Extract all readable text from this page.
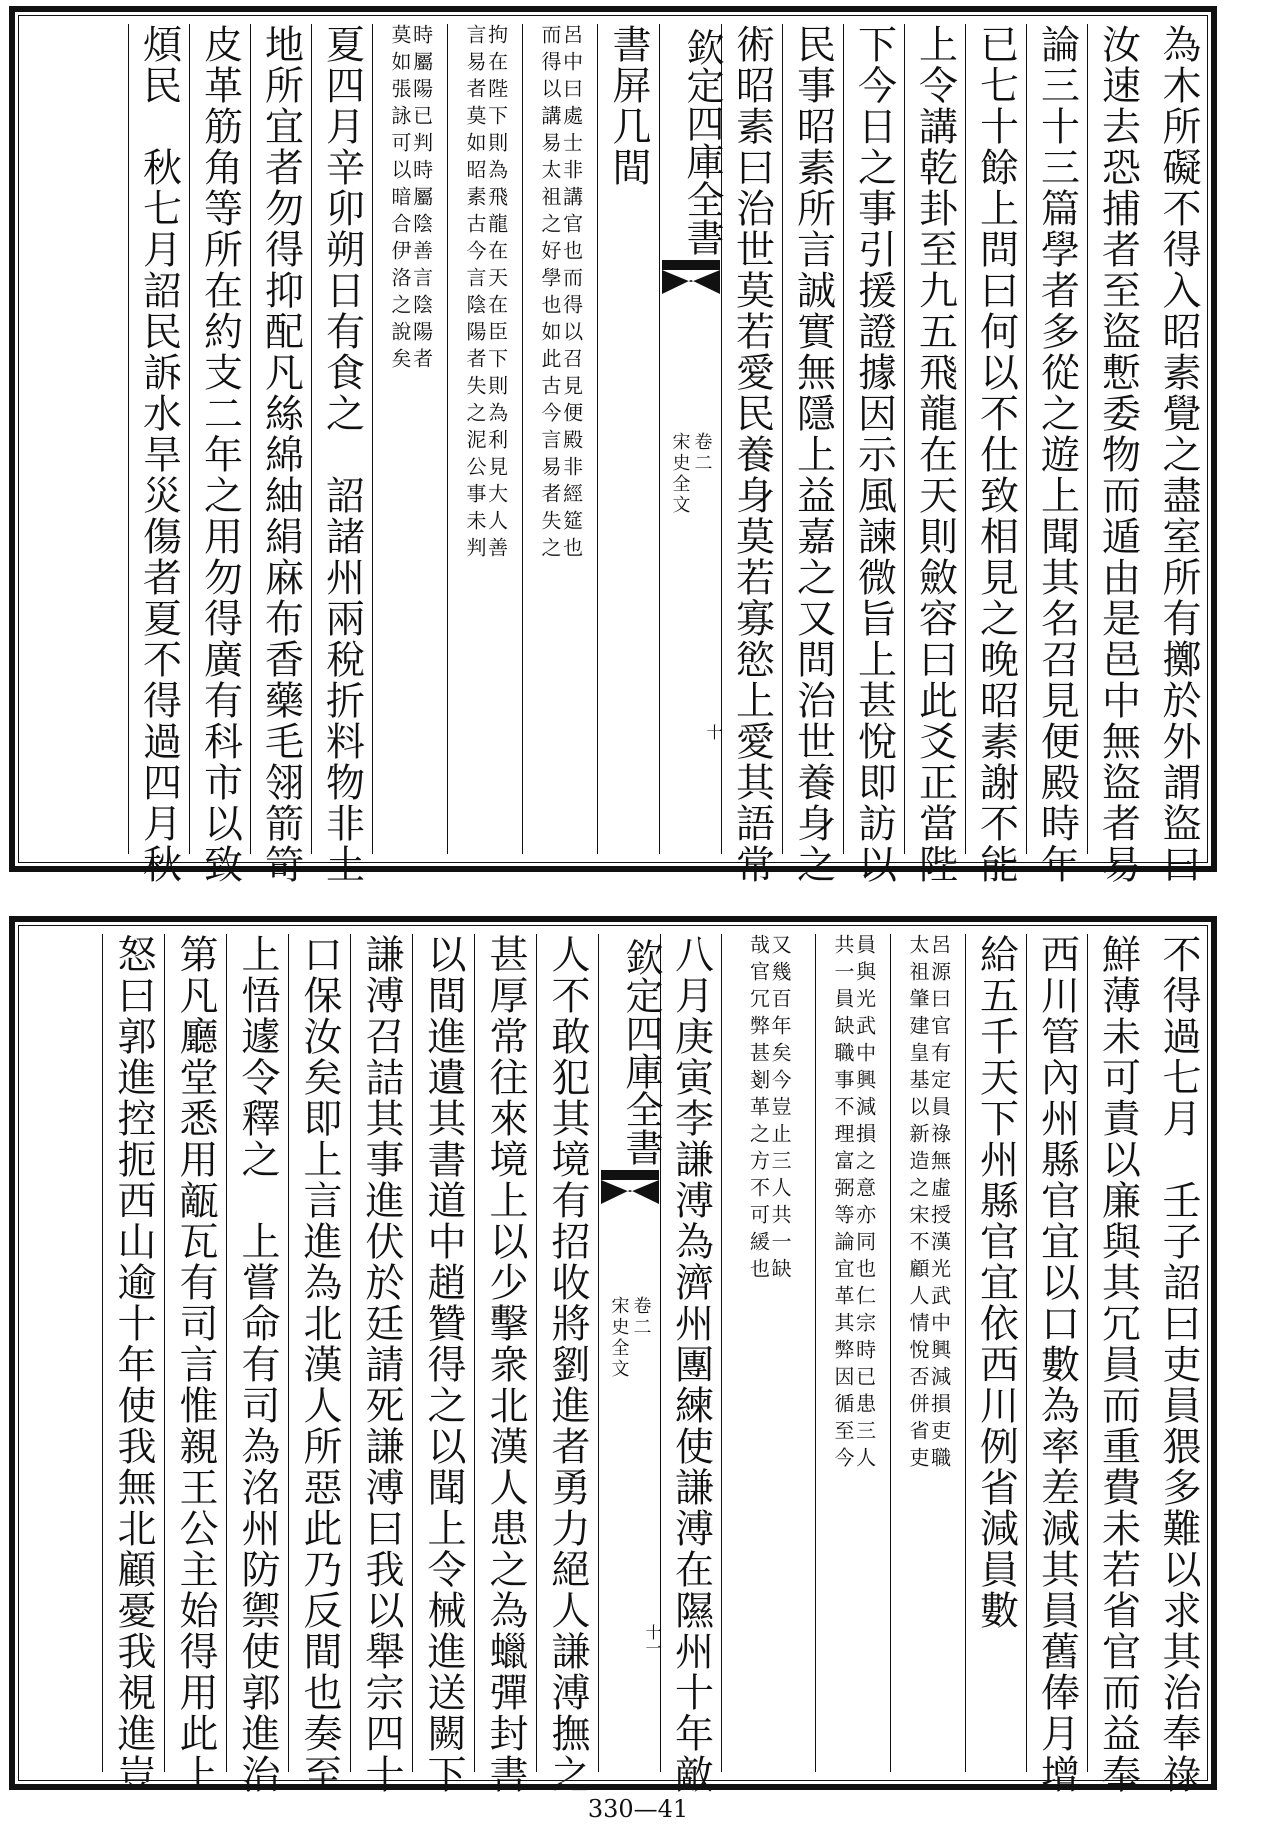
為木所礙不得入昭素覺之盡室所有擲於外謂盜曰
汝速去恐捕者至盜慙委物而遁由是邑中無盜者易
論三十三篇學者多從之遊上聞其名召見便殿時年
已七十餘上問曰何以不仕致相見之晚昭素謝不能
上令講乾卦至九五飛龍在天則斂容曰此爻正當陛
下今日之事引援證據因示風諫微旨上甚悅即訪以
民事昭素所言誠實無隱上益嘉之又問治世養身之
術昭素曰治世莫若愛民養身莫若寡慾上愛其語常
欽定四庫全書
宋史全文 卷二
十
書屏几間
呂中曰處士非講官也而得以召見便殿非經筵也
而得以講易太祖之好學也如此古今言易者失之
拘在陛下則為飛龍在天在臣下則為利見大人善
言易者莫如昭素古今言陰陽者失之泥公事未判
時屬陽已判時屬陰善言陰陽者
莫如張詠可以暗合伊洛之說矣
夏四月辛卯朔日有食之　詔諸州兩稅折料物非土
地所宜者勿得抑配凡絲綿紬絹麻布香藥毛翎箭笴
皮革筋角等所在約支二年之用勿得廣有科市以致
煩民　秋七月詔民訴水旱災傷者夏不得過四月秋
不得過七月　壬子詔曰吏員猥多難以求其治奉祿
鮮薄未可責以廉與其冗員而重費未若省官而益奉
西川管內州縣官宜以口數為率差減其員舊俸月增
給五千天下州縣官宜依西川例省減員數
呂源曰官有定員祿無虛授漢光武中興減損吏職
太祖肇建皇基以新造之宋不顧人情悅否併省吏
員與光武中興減損之意亦同也仁宗時已患三人
共一員缺職事不理富弼等論宜革其弊因循至今
又幾百年矣今豈止三人共一缺
哉官冗弊甚剗革之方不可緩也
八月庚寅李謙溥為濟州團練使謙溥在隰州十年敵
欽定四庫全書
宋史全文 卷二
十一
人不敢犯其境有招收將劉進者勇力絕人謙溥撫之
甚厚常往來境上以少擊衆北漢人患之為蠟彈封書
以間進遺其書道中趙贊得之以聞上令械進送闕下
謙溥召詰其事進伏於廷請死謙溥曰我以舉宗四十
口保汝矣即上言進為北漢人所惡此乃反間也奏至
上悟遽令釋之　上嘗命有司為洺州防禦使郭進治
第凡廳堂悉用甋瓦有司言惟親王公主始得用此上
怒曰郭進控扼西山逾十年使我無北顧憂我視進豈
330—41
